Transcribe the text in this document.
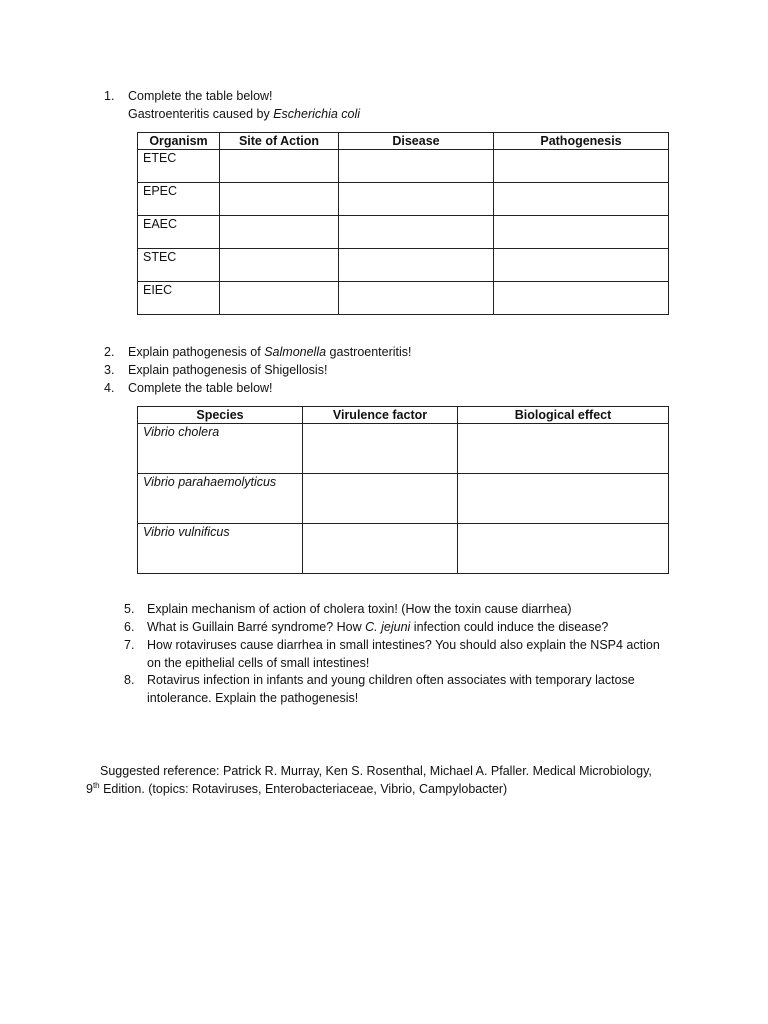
1. Complete the table below!
Gastroenteritis caused by Escherichia coli
Organism	Site of Action	Disease	Pathogenesis
ETEC			
EPEC			
EAEC			
STEC			
EIEC			
2. Explain pathogenesis of Salmonella gastroenteritis!
3. Explain pathogenesis of Shigellosis!
4. Complete the table below!
Species	Virulence factor	Biological effect
Vibrio cholera		
Vibrio parahaemolyticus		
Vibrio vulnificus		
5. Explain mechanism of action of cholera toxin! (How the toxin cause diarrhea)
6. What is Guillain Barré syndrome? How C. jejuni infection could induce the disease?
7. How rotaviruses cause diarrhea in small intestines? You should also explain the NSP4 action
on the epithelial cells of small intestines!
8. Rotavirus infection in infants and young children often associates with temporary lactose
intolerance. Explain the pathogenesis!
Suggested reference: Patrick R. Murray, Ken S. Rosenthal, Michael A. Pfaller. Medical Microbiology,
9th Edition. (topics: Rotaviruses, Enterobacteriaceae, Vibrio, Campylobacter)
